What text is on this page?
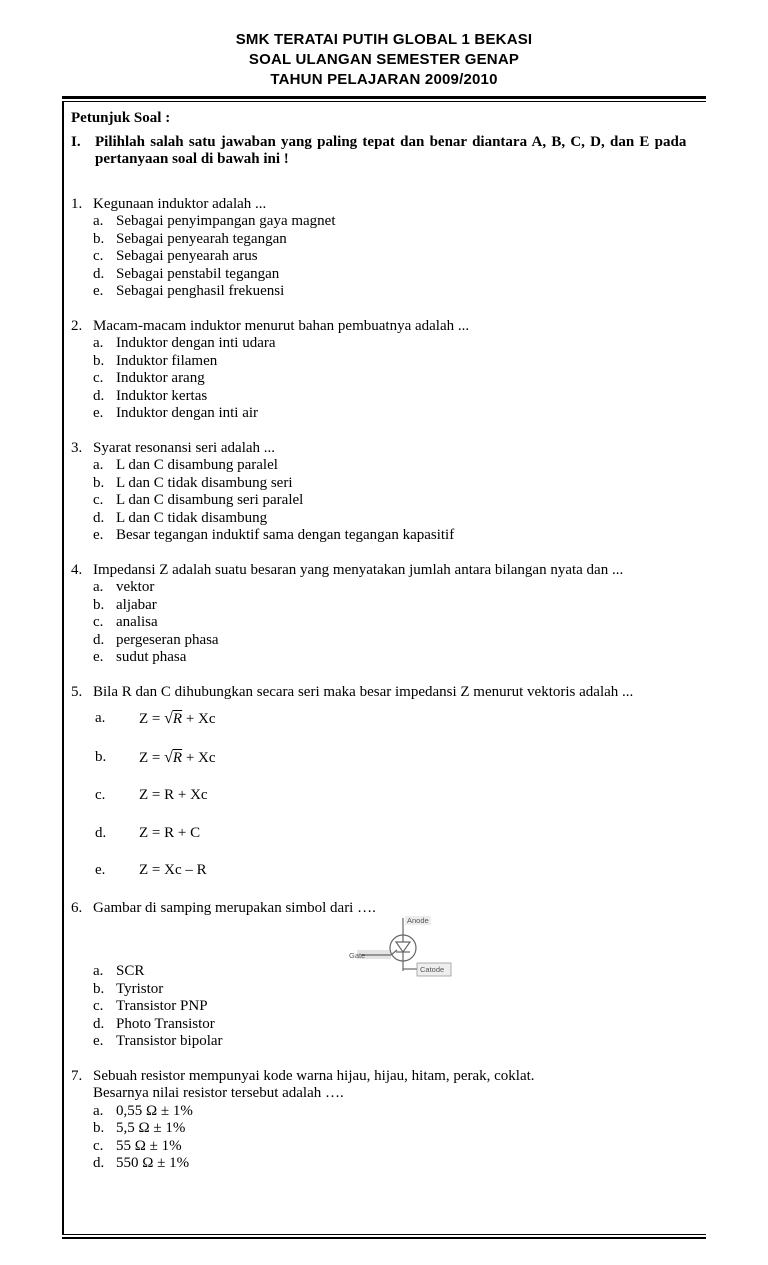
SMK TERATAI PUTIH GLOBAL 1 BEKASI
SOAL ULANGAN SEMESTER GENAP
TAHUN PELAJARAN 2009/2010
Petunjuk Soal :
I. Pilihlah salah satu jawaban yang paling tepat dan benar diantara A, B, C, D, dan E pada
pertanyaan soal di bawah ini !
1. Kegunaan induktor adalah ...
a. Sebagai penyimpangan gaya magnet
b. Sebagai penyearah tegangan
c. Sebagai penyearah arus
d. Sebagai penstabil tegangan
e. Sebagai penghasil frekuensi
2. Macam-macam induktor menurut bahan pembuatnya adalah ...
a. Induktor dengan inti udara
b. Induktor filamen
c. Induktor arang
d. Induktor kertas
e. Induktor dengan inti air
3. Syarat resonansi seri adalah ...
a. L dan C disambung paralel
b. L dan C tidak disambung seri
c. L dan C disambung seri paralel
d. L dan C tidak disambung
e. Besar tegangan induktif sama dengan tegangan kapasitif
4. Impedansi Z adalah suatu besaran yang menyatakan jumlah antara bilangan nyata dan ...
a. vektor
b. aljabar
c. analisa
d. pergeseran phasa
e. sudut phasa
5. Bila R dan C dihubungkan secara seri maka besar impedansi Z menurut vektoris adalah ...
a.	Z = √R + Xc
b.	Z = √R + Xc
c.	Z = R + Xc
d.	Z = R + C
e.	Z = Xc – R
6. Gambar di samping merupakan simbol dari ….
Anode
Gate
Catode
a. SCR
b. Tyristor
c. Transistor PNP
d. Photo Transistor
e. Transistor bipolar
7. Sebuah resistor mempunyai kode warna hijau, hijau, hitam, perak, coklat.
Besarnya nilai resistor tersebut adalah ….
a. 0,55 Ω ± 1%
b. 5,5 Ω ± 1%
c. 55 Ω ± 1%
d. 550 Ω ± 1%
